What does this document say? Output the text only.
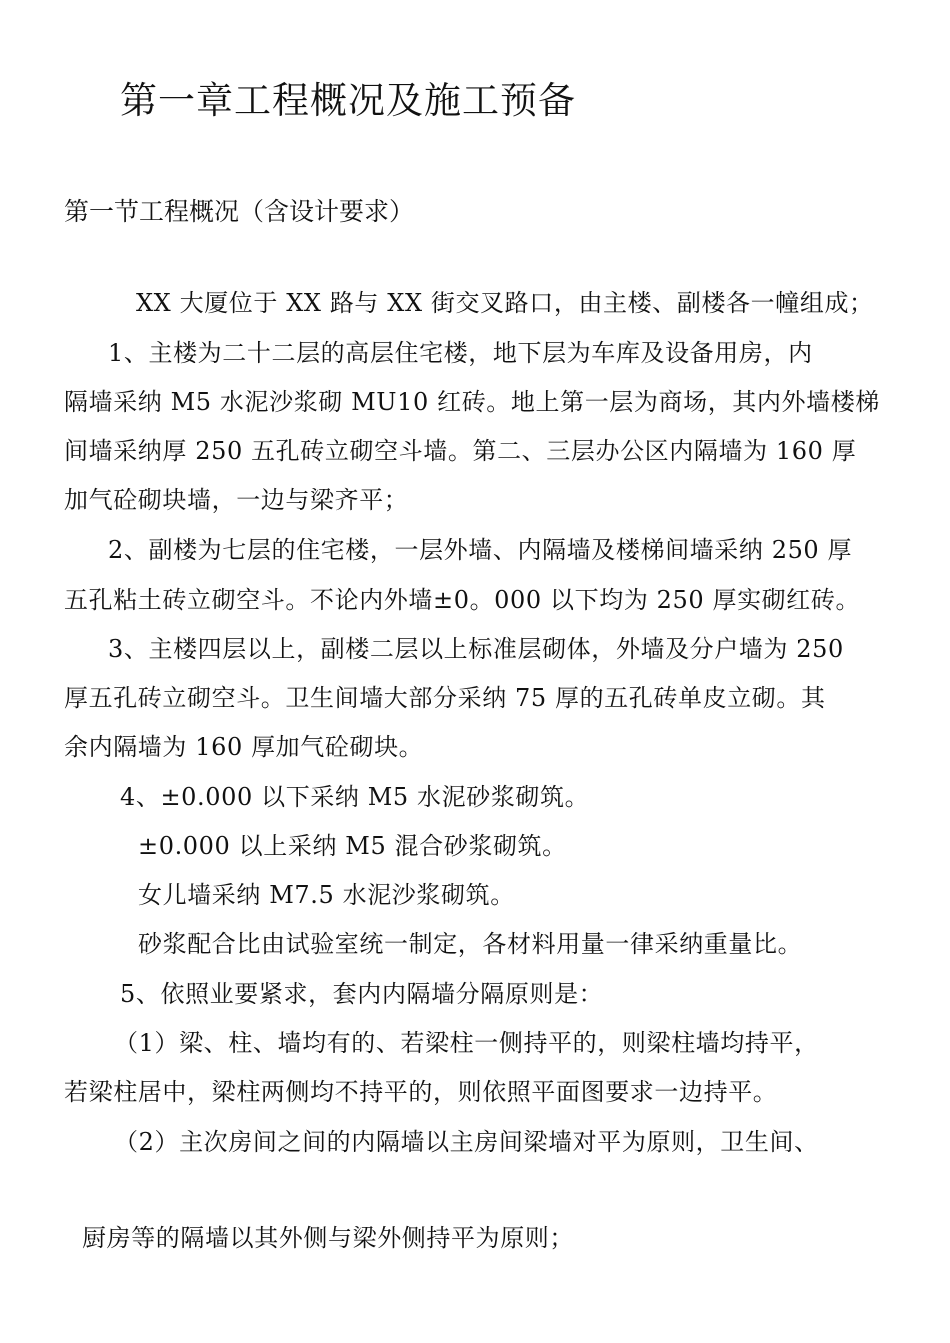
第一章工程概况及施工预备
第一节工程概况（含设计要求）
XX 大厦位于 XX 路与 XX 街交叉路口，由主楼、副楼各一幢组成；
1、主楼为二十二层的高层住宅楼，地下层为车库及设备用房，内
隔墙采纳 M5 水泥沙浆砌 MU10 红砖。地上第一层为商场，其内外墙楼梯
间墙采纳厚 250 五孔砖立砌空斗墙。第二、三层办公区内隔墙为 160 厚
加气砼砌块墙，一边与梁齐平；
2、副楼为七层的住宅楼，一层外墙、内隔墙及楼梯间墙采纳 250 厚
五孔粘土砖立砌空斗。不论内外墙±0。000 以下均为 250 厚实砌红砖。
3、主楼四层以上，副楼二层以上标准层砌体，外墙及分户墙为 250
厚五孔砖立砌空斗。卫生间墙大部分采纳 75 厚的五孔砖单皮立砌。其
余内隔墙为 160 厚加气砼砌块。
4、±0.000 以下采纳 M5 水泥砂浆砌筑。
±0.000 以上采纳 M5 混合砂浆砌筑。
女儿墙采纳 M7.5 水泥沙浆砌筑。
砂浆配合比由试验室统一制定，各材料用量一律采纳重量比。
5、依照业要紧求，套内内隔墙分隔原则是：
（1）梁、柱、墙均有的、若梁柱一侧持平的，则梁柱墙均持平，
若梁柱居中，梁柱两侧均不持平的，则依照平面图要求一边持平。
（2）主次房间之间的内隔墙以主房间梁墙对平为原则，卫生间、
厨房等的隔墙以其外侧与梁外侧持平为原则；
